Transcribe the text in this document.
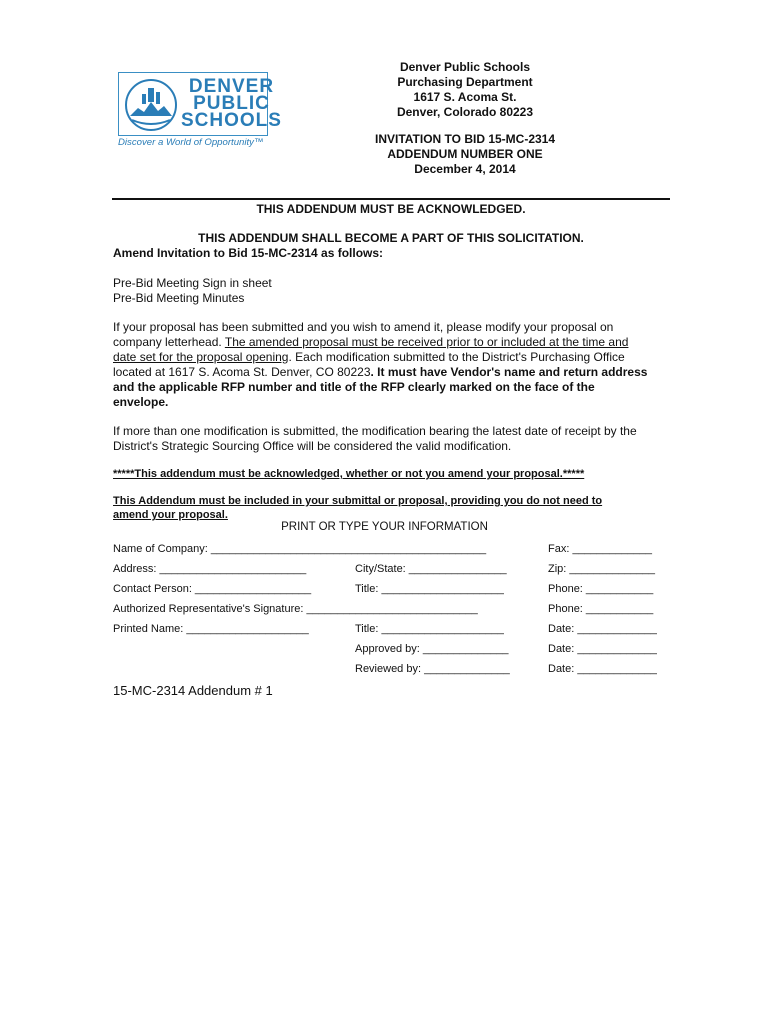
DENVER
PUBLIC
SCHOOLS
Discover a World of Opportunity™
Denver Public Schools
Purchasing Department
1617 S. Acoma St.
Denver, Colorado 80223
INVITATION TO BID 15-MC-2314
ADDENDUM NUMBER ONE
December 4, 2014
THIS ADDENDUM MUST BE ACKNOWLEDGED.
THIS ADDENDUM SHALL BECOME A PART OF THIS SOLICITATION.
Amend Invitation to Bid 15-MC-2314 as follows:
Pre-Bid Meeting Sign in sheet
Pre-Bid Meeting Minutes
If your proposal has been submitted and you wish to amend it, please modify your proposal on company letterhead. The amended proposal must be received prior to or included at the time and date set for the proposal opening. Each modification submitted to the District's Purchasing Office located at 1617 S. Acoma St. Denver, CO 80223. It must have Vendor's name and return address and the applicable RFP number and title of the RFP clearly marked on the face of the envelope.
If more than one modification is submitted, the modification bearing the latest date of receipt by the District's Strategic Sourcing Office will be considered the valid modification.
*****This addendum must be acknowledged, whether or not you amend your proposal.*****
This Addendum must be included in your submittal or proposal, providing you do not need to amend your proposal.
PRINT OR TYPE YOUR INFORMATION
Name of Company: _____________________________________________	Fax: _____________
Address: ________________________	City/State: ________________	Zip: ______________
Contact Person: ___________________	Title: ____________________	Phone: ___________
Authorized Representative's Signature: ____________________________	Phone: ___________
Printed Name: ____________________	Title: ____________________	Date: _____________
Approved by: ______________	Date: _____________
Reviewed by: ______________	Date: _____________
15-MC-2314 Addendum # 1
